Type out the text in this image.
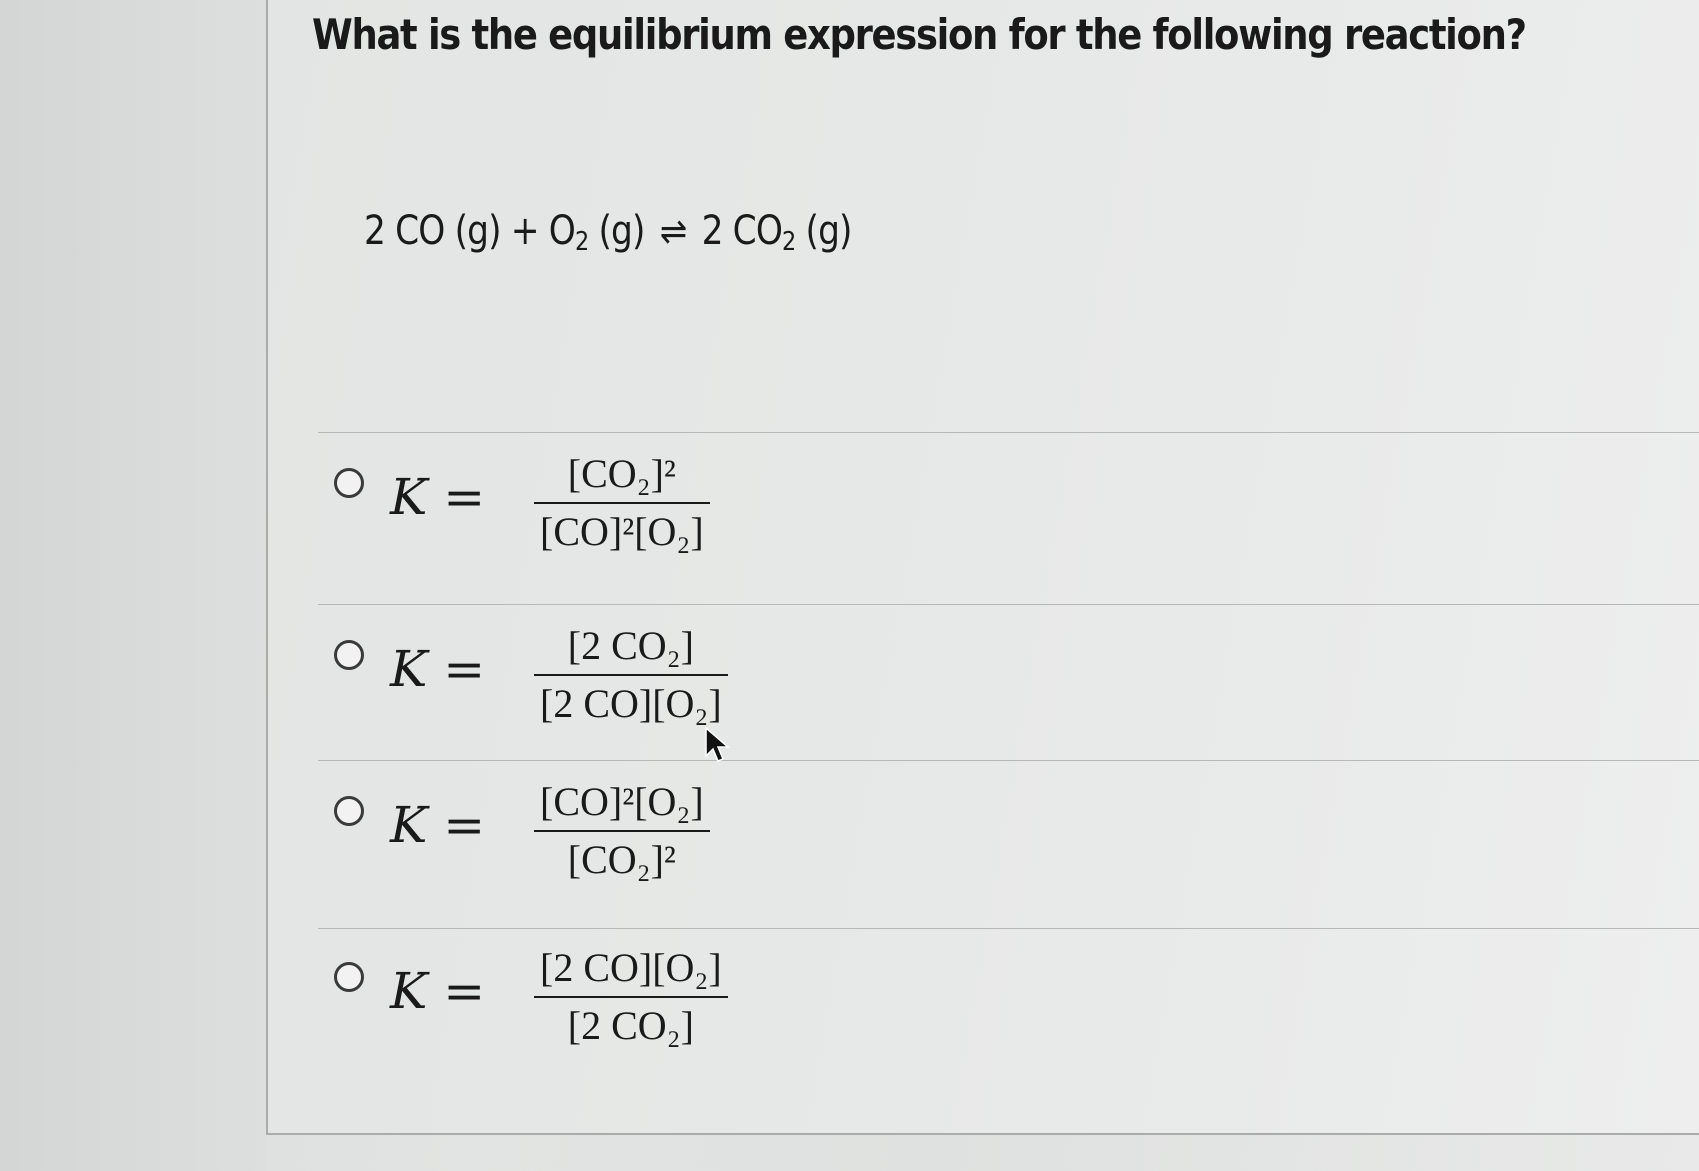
What is the equilibrium expression for the following reaction?
2 CO $(g) + O_2$ (g) ⇌ 2 $CO_2$ (g)
K = [CO₂]²
[CO]²[O₂]
K = [2 CO₂]
[2 CO][O₂]
K = [CO]²[O₂]
[CO₂]²
K = [2 CO][O₂]
[2 CO₂]
